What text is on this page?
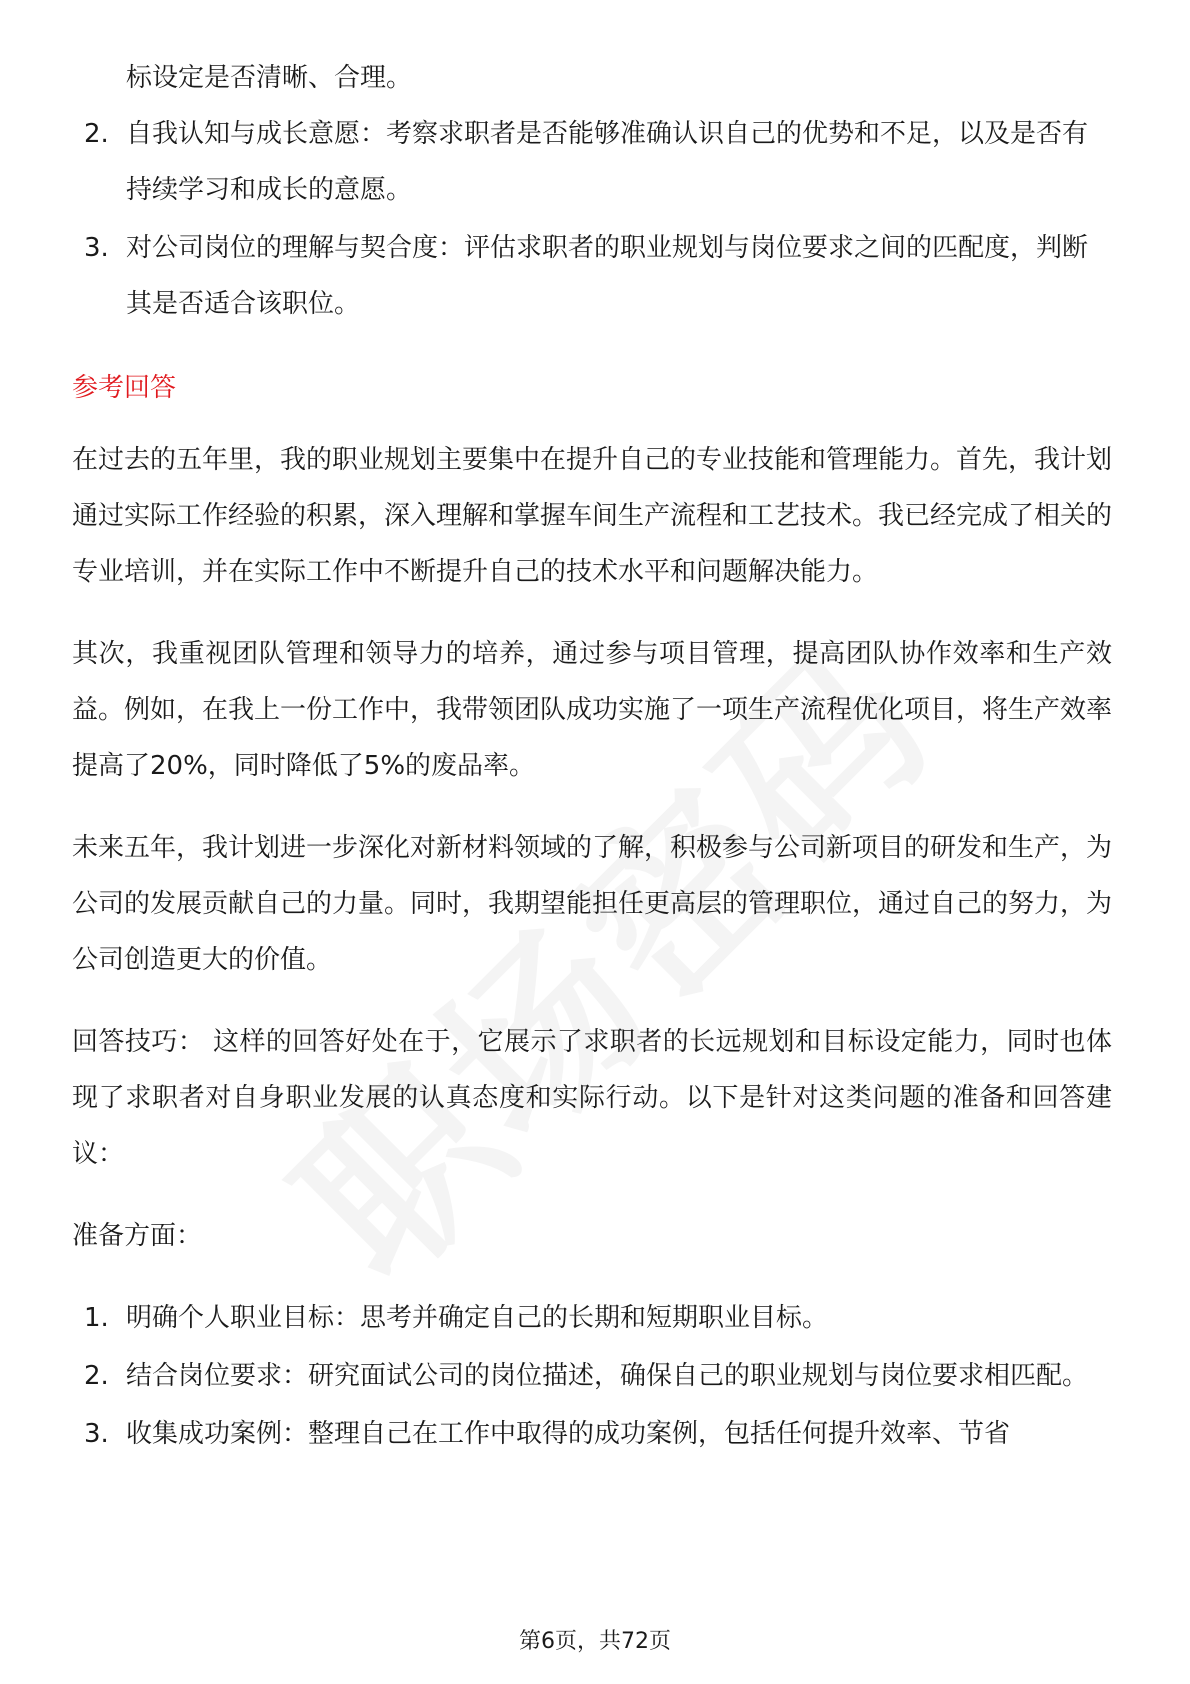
标设定是否清晰、合理。
2. 自我认知与成长意愿：考察求职者是否能够准确认识自己的优势和不足，以及是否有持续学习和成长的意愿。
3. 对公司岗位的理解与契合度：评估求职者的职业规划与岗位要求之间的匹配度，判断其是否适合该职位。
参考回答

在过去的五年里，我的职业规划主要集中在提升自己的专业技能和管理能力。首先，我计划通过实际工作经验的积累，深入理解和掌握车间生产流程和工艺技术。我已经完成了相关的专业培训，并在实际工作中不断提升自己的技术水平和问题解决能力。

其次，我重视团队管理和领导力的培养，通过参与项目管理，提高团队协作效率和生产效益。例如，在我上一份工作中，我带领团队成功实施了一项生产流程优化项目，将生产效率提高了20%，同时降低了5%的废品率。

未来五年，我计划进一步深化对新材料领域的了解，积极参与公司新项目的研发和生产，为公司的发展贡献自己的力量。同时，我期望能担任更高层的管理职位，通过自己的努力，为公司创造更大的价值。

回答技巧： 这样的回答好处在于，它展示了求职者的长远规划和目标设定能力，同时也体现了求职者对自身职业发展的认真态度和实际行动。以下是针对这类问题的准备和回答建议：

准备方面：

1. 明确个人职业目标：思考并确定自己的长期和短期职业目标。
2. 结合岗位要求：研究面试公司的岗位描述，确保自己的职业规划与岗位要求相匹配。
3. 收集成功案例：整理自己在工作中取得的成功案例，包括任何提升效率、节省
第6页，共72页
